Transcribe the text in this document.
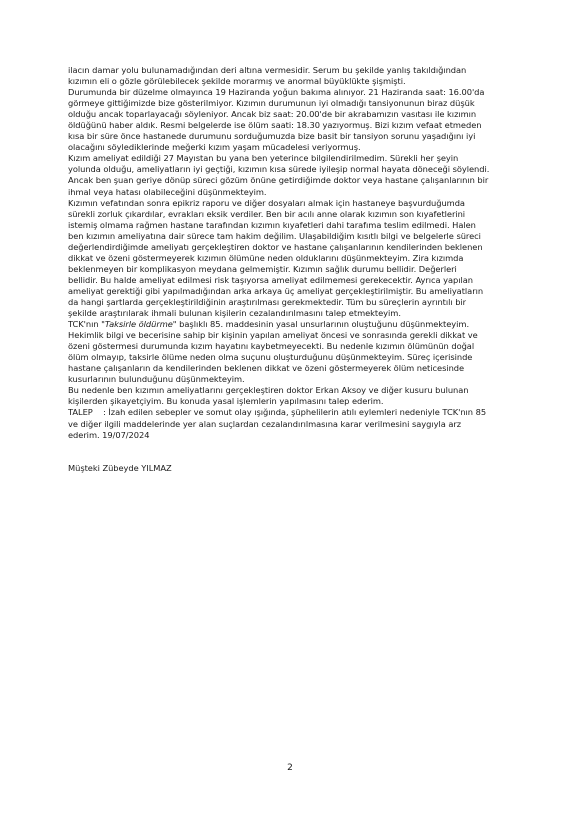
ilacın damar yolu bulunamadığından deri altına vermesidir. Serum bu şekilde yanlış takıldığından

kızımın eli o gözle görülebilecek şekilde morarmış ve anormal büyüklükte şişmişti.

Durumunda bir düzelme olmayınca 19 Haziranda yoğun bakıma alınıyor. 21 Haziranda saat: 16.00'da

görmeye gittiğimizde bize gösterilmiyor. Kızımın durumunun iyi olmadığı tansiyonunun biraz düşük

olduğu ancak toparlayacağı söyleniyor. Ancak biz saat: 20.00'de bir akrabamızın vasıtası ile kızımın

öldüğünü haber aldık. Resmi belgelerde ise ölüm saati: 18.30 yazıyormuş. Bizi kızım vefaat etmeden

kısa bir süre önce hastanede durumunu sorduğumuzda bize basit bir tansiyon sorunu yaşadığını iyi

olacağını söylediklerinde meğerki kızım yaşam mücadelesi veriyormuş.

Kızım ameliyat edildiği 27 Mayıstan bu yana ben yeterince bilgilendirilmedim. Sürekli her şeyin

yolunda olduğu, ameliyatların iyi geçtiği, kızımın kısa sürede iyileşip normal hayata döneceği söylendi.

Ancak ben şuan geriye dönüp süreci gözüm önüne getirdiğimde doktor veya hastane çalışanlarının bir

ihmal veya hatası olabileceğini düşünmekteyim.

Kızımın vefatından sonra epikriz raporu ve diğer dosyaları almak için hastaneye başvurduğumda

sürekli zorluk çıkardılar, evrakları eksik verdiler. Ben bir acılı anne olarak kızımın son kıyafetlerini

istemiş olmama rağmen hastane tarafından kızımın kıyafetleri dahi tarafıma teslim edilmedi. Halen

ben kızımın ameliyatına dair sürece tam hakim değilim. Ulaşabildiğim kısıtlı bilgi ve belgelerle süreci

değerlendirdiğimde ameliyatı gerçekleştiren doktor ve hastane çalışanlarının kendilerinden beklenen

dikkat ve özeni göstermeyerek kızımın ölümüne neden olduklarını düşünmekteyim. Zira kızımda

beklenmeyen bir komplikasyon meydana gelmemiştir. Kızımın sağlık durumu bellidir. Değerleri

bellidir. Bu halde ameliyat edilmesi risk taşıyorsa ameliyat edilmemesi gerekecektir. Ayrıca yapılan

ameliyat gerektiği gibi yapılmadığından arka arkaya üç ameliyat gerçekleştirilmiştir. Bu ameliyatların

da hangi şartlarda gerçekleştirildiğinin araştırılması gerekmektedir. Tüm bu süreçlerin ayrıntılı bir

şekilde araştırılarak ihmali bulunan kişilerin cezalandırılmasını talep etmekteyim.

TCK'nın "Taksirle öldürme" başlıklı 85. maddesinin yasal unsurlarının oluştuğunu düşünmekteyim.

Hekimlik bilgi ve becerisine sahip bir kişinin yapılan ameliyat öncesi ve sonrasında gerekli dikkat ve

özeni göstermesi durumunda kızım hayatını kaybetmeyecekti. Bu nedenle kızımın ölümünün doğal

ölüm olmayıp, taksirle ölüme neden olma suçunu oluşturduğunu düşünmekteyim. Süreç içerisinde

hastane çalışanların da kendilerinden beklenen dikkat ve özeni göstermeyerek ölüm neticesinde

kusurlarının bulunduğunu düşünmekteyim.

Bu nedenle ben kızımın ameliyatlarını gerçekleştiren doktor Erkan Aksoy ve diğer kusuru bulunan

kişilerden şikayetçiyim. Bu konuda yasal işlemlerin yapılmasını talep ederim.

TALEP    : İzah edilen sebepler ve somut olay ışığında, şüphelilerin atılı eylemleri nedeniyle TCK'nın 85

ve diğer ilgili maddelerinde yer alan suçlardan cezalandırılmasına karar verilmesini saygıyla arz

ederim. 19/07/2024

Müşteki Zübeyde YILMAZ

2
